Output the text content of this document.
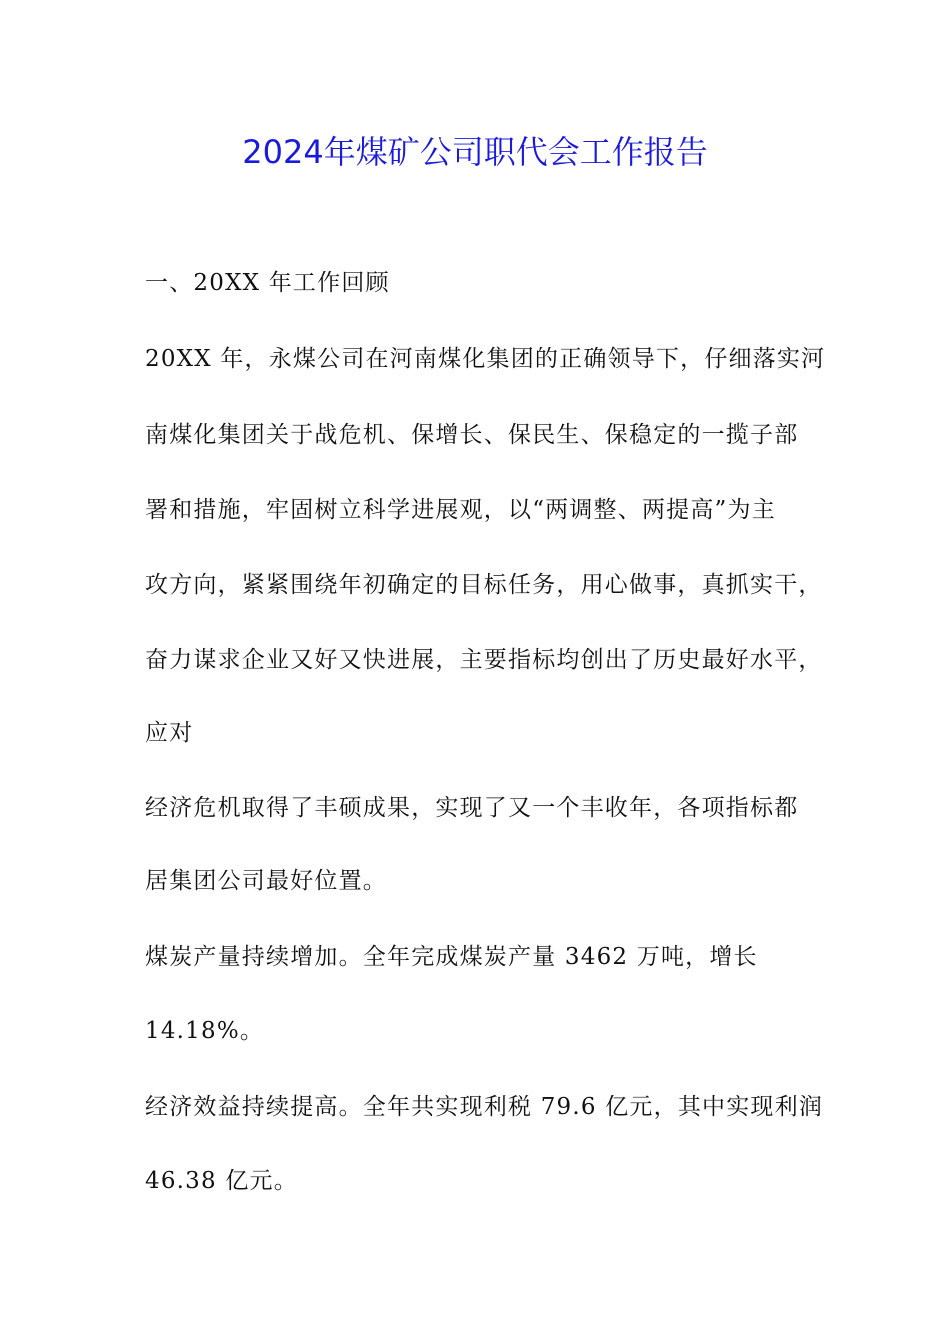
2024年煤矿公司职代会工作报告

一、20XX 年工作回顾

20XX 年，永煤公司在河南煤化集团的正确领导下，仔细落实河

南煤化集团关于战危机、保增长、保民生、保稳定的一揽子部

署和措施，牢固树立科学进展观，以“两调整、两提高”为主

攻方向，紧紧围绕年初确定的目标任务，用心做事，真抓实干，

奋力谋求企业又好又快进展，主要指标均创出了历史最好水平，

应对

经济危机取得了丰硕成果，实现了又一个丰收年，各项指标都

居集团公司最好位置。

煤炭产量持续增加。全年完成煤炭产量 3462 万吨，增长

14.18%。

经济效益持续提高。全年共实现利税 79.6 亿元，其中实现利润

46.38 亿元。
